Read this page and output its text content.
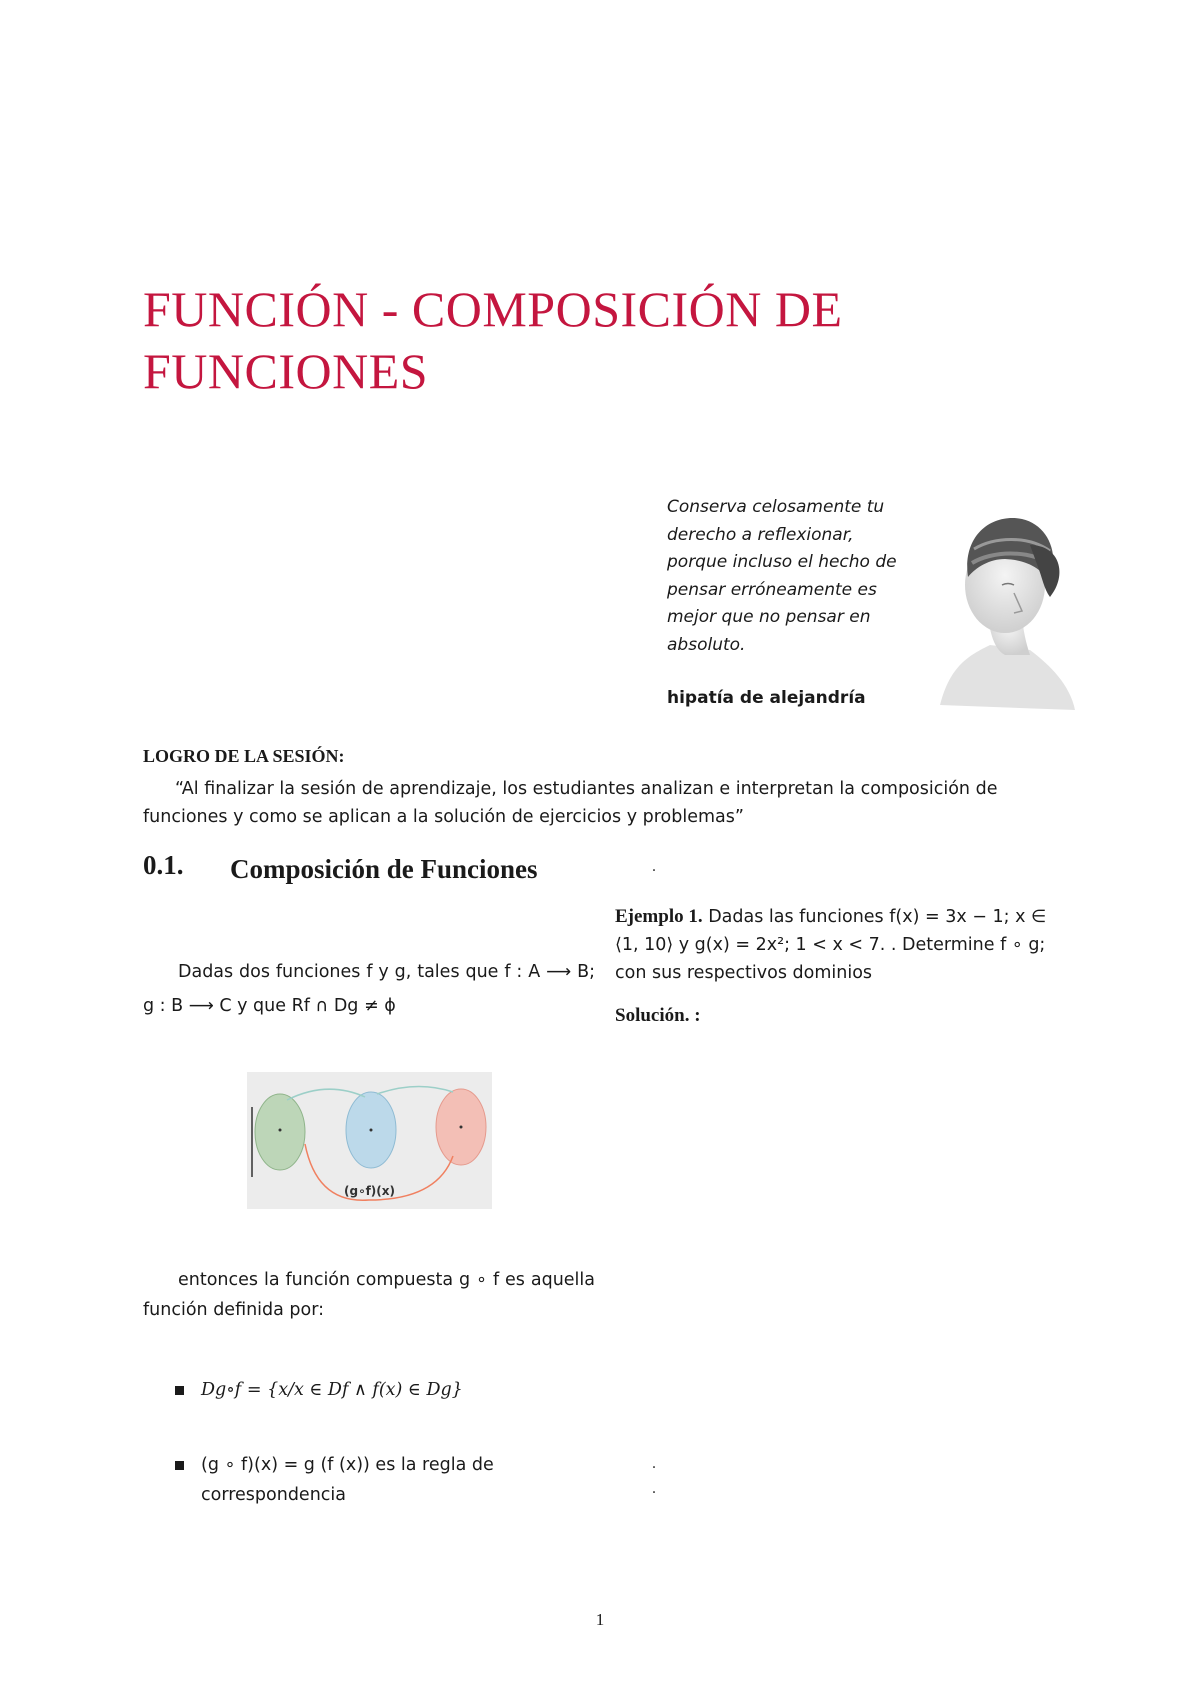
FUNCIÓN - COMPOSICIÓN DE FUNCIONES
Conserva celosamente tu derecho a reflexionar, porque incluso el hecho de pensar erróneamente es mejor que no pensar en absoluto.
hipatía de alejandría
LOGRO DE LA SESIÓN:
“Al finalizar la sesión de aprendizaje, los estudiantes analizan e interpretan la composición de funciones y como se aplican a la solución de ejercicios y problemas”
0.1. Composición de Funciones
Dadas dos funciones f y g, tales que f : A ⟶ B; g : B ⟶ C y que Rf ∩ Dg ≠ ϕ
(g∘f)(x)
entonces la función compuesta g ∘ f es aquella función definida por:
Dg∘f = {x/x ∈ Df ∧ f(x) ∈ Dg}
(g ∘ f)(x) = g (f (x)) es la regla de correspondencia
.
.
.
Ejemplo 1. Dadas las funciones f(x) = 3x − 1; x ∈ ⟨1, 10⟩ y g(x) = 2x²; 1 < x < 7. . Determine f ∘ g; con sus respectivos dominios
Solución. :
1
